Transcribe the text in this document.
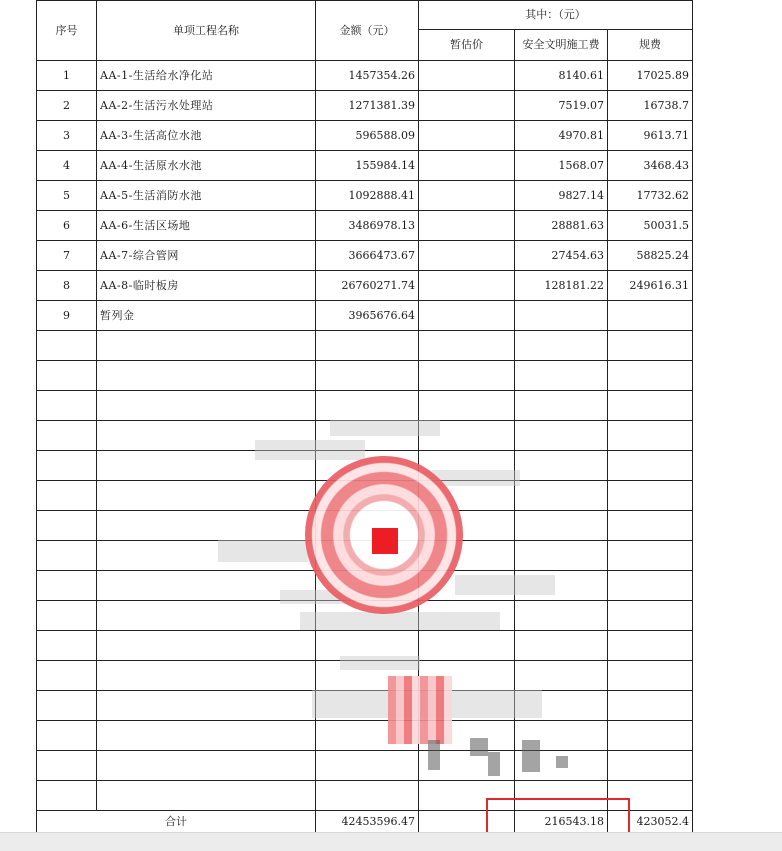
序号	单项工程名称	金额（元）	其中：（元）		
			暂估价	安全文明施工费	规费
1	AA-1-生活给水净化站	1457354.26		8140.61	17025.89
2	AA-2-生活污水处理站	1271381.39		7519.07	16738.7
3	AA-3-生活高位水池	596588.09		4970.81	9613.71
4	AA-4-生活原水水池	155984.14		1568.07	3468.43
5	AA-5-生活消防水池	1092888.41		9827.14	17732.62
6	AA-6-生活区场地	3486978.13		28881.63	50031.5
7	AA-7-综合管网	3666473.67		27454.63	58825.24
8	AA-8-临时板房	26760271.74		128181.22	249616.31
9	暂列金	3965676.64			

合计		42453596.47		216543.18	423052.4
